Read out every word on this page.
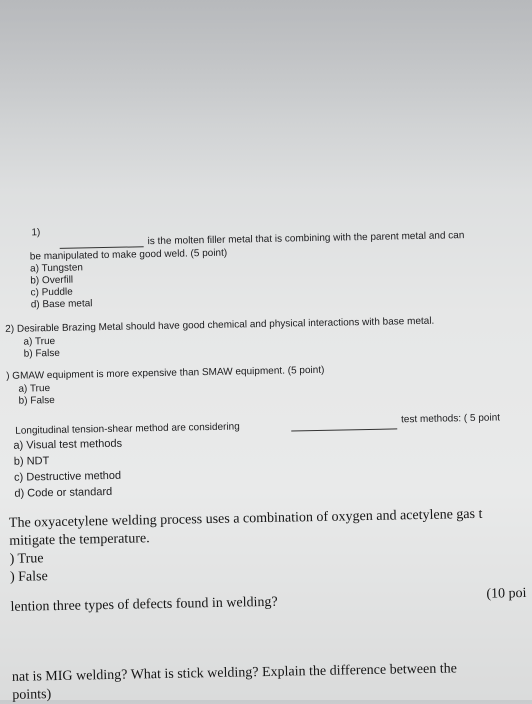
1)	is the molten filler metal that is combining with the parent metal and can
be manipulated to make good weld. (5 point)
a) Tungsten
b) Overfill
c) Puddle
d) Base metal
2) Desirable Brazing Metal should have good chemical and physical interactions with base metal.
a) True
b) False
) GMAW equipment is more expensive than SMAW equipment. (5 point)
a) True
b) False
Longitudinal tension-shear method are considering
test methods: ( 5 point
a) Visual test methods
b) NDT
c) Destructive method
d) Code or standard
The oxyacetylene welding process uses a combination of oxygen and acetylene gas t
mitigate the temperature.
) True
) False
lention three types of defects found in welding?
(10 poi
nat is MIG welding? What is stick welding? Explain the difference between the
points)
